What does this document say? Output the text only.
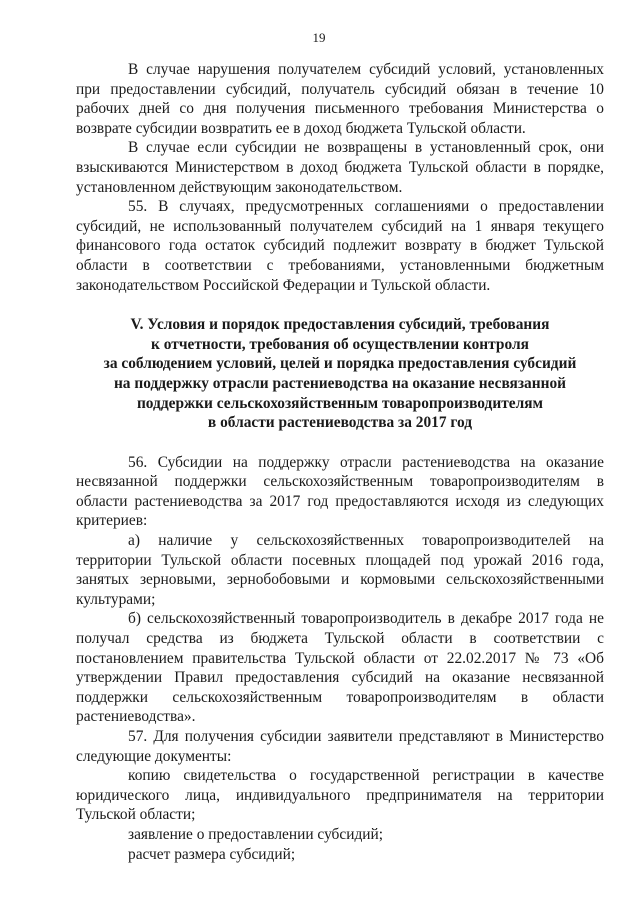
19

В случае нарушения получателем субсидий условий, установленных при предоставлении субсидий, получатель субсидий обязан в течение 10 рабочих дней со дня получения письменного требования Министерства о возврате субсидии возвратить ее в доход бюджета Тульской области.

В случае если субсидии не возвращены в установленный срок, они взыскиваются Министерством в доход бюджета Тульской области в порядке, установленном действующим законодательством.

55. В случаях, предусмотренных соглашениями о предоставлении субсидий, не использованный получателем субсидий на 1 января текущего финансового года остаток субсидий подлежит возврату в бюджет Тульской области в соответствии с требованиями, установленными бюджетным законодательством Российской Федерации и Тульской области.

V. Условия и порядок предоставления субсидий, требования
к отчетности, требования об осуществлении контроля
за соблюдением условий, целей и порядка предоставления субсидий
на поддержку отрасли растениеводства на оказание несвязанной
поддержки сельскохозяйственным товаропроизводителям
в области растениеводства за 2017 год

56. Субсидии на поддержку отрасли растениеводства на оказание несвязанной поддержки сельскохозяйственным товаропроизводителям в области растениеводства за 2017 год предоставляются исходя из следующих критериев:

а) наличие у сельскохозяйственных товаропроизводителей на территории Тульской области посевных площадей под урожай 2016 года, занятых зерновыми, зернобобовыми и кормовыми сельскохозяйственными культурами;

б) сельскохозяйственный товаропроизводитель в декабре 2017 года не получал средства из бюджета Тульской области в соответствии с постановлением правительства Тульской области от 22.02.2017 № 73 «Об утверждении Правил предоставления субсидий на оказание несвязанной поддержки сельскохозяйственным товаропроизводителям в области растениеводства».

57. Для получения субсидии заявители представляют в Министерство следующие документы:

копию свидетельства о государственной регистрации в качестве юридического лица, индивидуального предпринимателя на территории Тульской области;

заявление о предоставлении субсидий;

расчет размера субсидий;
